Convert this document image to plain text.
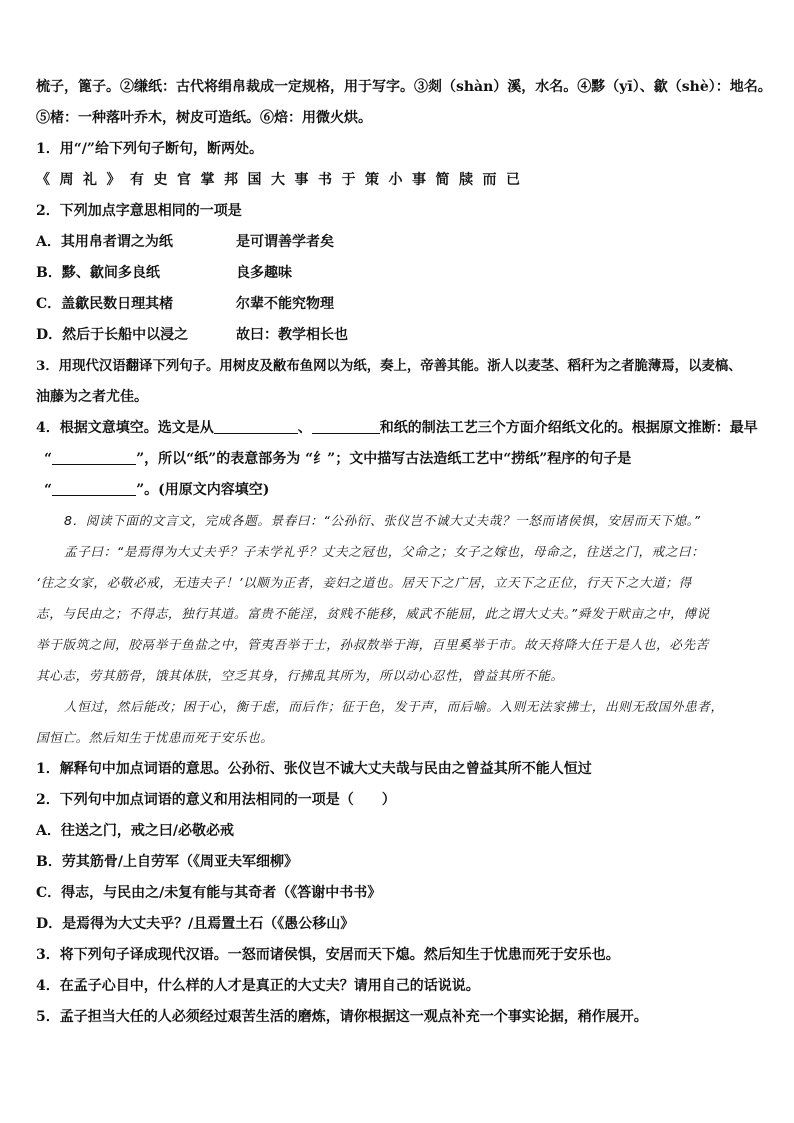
梳子，篦子。②缣纸：古代将绢帛裁成一定规格，用于写字。③剡（shàn）溪，水名。④黟（yī）、歙（shè）：地名。

⑤楮：一种落叶乔木，树皮可造纸。⑥焙：用微火烘。

1．用“/”给下列句子断句，断两处。

《周礼》有史官掌邦国大事书于策小事简牍而已

2．下列加点字意思相同的一项是

A．其用帛者谓之为纸	是可谓善学者矣
B．黟、歙间多良纸	良多趣味
C．盖歙民数日理其楮	尔辈不能究物理
D．然后于长船中以浸之	故曰：教学相长也

3．用现代汉语翻译下列句子。用树皮及敝布鱼网以为纸，奏上，帝善其能。浙人以麦茎、稻秆为之者脆薄焉，以麦槁、

油藤为之者尤佳。

4．根据文意填空。选文是从	、	和纸的制法工艺三个方面介绍纸文化的。根据原文推断：最早

“	”，所以“纸”的表意部务为 “纟”；文中描写古法造纸工艺中“捞纸”程序的句子是

“	”。(用原文内容填空)

8．阅读下面的文言文，完成各题。景春曰：“公孙衍、张仪岂不诚大丈夫哉？一怒而诸侯惧，安居而天下熄。”

孟子曰：“是焉得为大丈夫乎？子未学礼乎？丈夫之冠也，父命之；女子之嫁也，母命之，往送之门，戒之曰：

‘往之女家，必敬必戒，无违夫子！’以顺为正者，妾妇之道也。居天下之广居，立天下之正位，行天下之大道；得

志，与民由之；不得志，独行其道。富贵不能淫，贫贱不能移，威武不能屈，此之谓大丈夫。”舜发于畎亩之中，傅说

举于版筑之间，胶鬲举于鱼盐之中，管夷吾举于士，孙叔敖举于海，百里奚举于市。故天将降大任于是人也，必先苦

其心志，劳其筋骨，饿其体肤，空乏其身，行拂乱其所为，所以动心忍性，曾益其所不能。

人恒过，然后能改；困于心，衡于虑，而后作；征于色，发于声，而后喻。入则无法家拂士，出则无敌国外患者，

国恒亡。然后知生于忧患而死于安乐也。

1．解释句中加点词语的意思。公孙衍、张仪岂不诚大丈夫哉与民由之曾益其所不能人恒过

2．下列句中加点词语的意义和用法相同的一项是（　　）

A．往送之门，戒之曰/必敬必戒

B．劳其筋骨/上自劳军（《周亚夫军细柳》

C．得志，与民由之/未复有能与其奇者（《答谢中书书》

D．是焉得为大丈夫乎？/且焉置土石（《愚公移山》

3．将下列句子译成现代汉语。一怒而诸侯惧，安居而天下熄。然后知生于忧患而死于安乐也。

4．在孟子心目中，什么样的人才是真正的大丈夫？请用自己的话说说。

5．孟子担当大任的人必须经过艰苦生活的磨炼，请你根据这一观点补充一个事实论据，稍作展开。
